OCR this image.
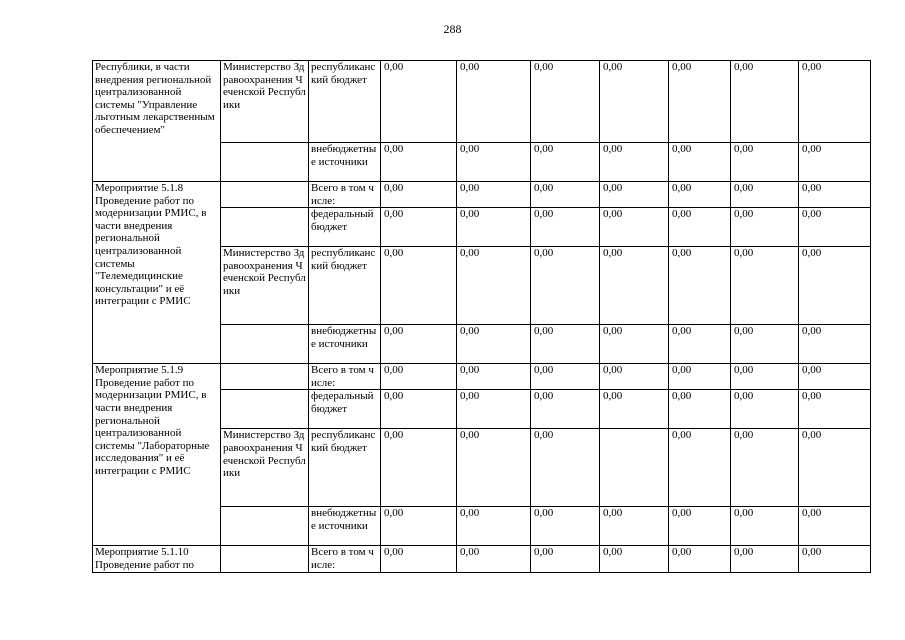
288
Республики, в части внедрения региональной централизованной системы "Управление льготным лекарственным обеспечением"	Министерство Здравоохранения Чеченской Республики	республиканский бюджет	0,00	0,00	0,00	0,00	0,00	0,00	0,00
		внебюджетные источники	0,00	0,00	0,00	0,00	0,00	0,00	0,00
Мероприятие 5.1.8 Проведение работ по модернизации РМИС, в части внедрения региональной централизованной системы "Телемедицинские консультации" и её интеграции с РМИС		Всего в том числе:	0,00	0,00	0,00	0,00	0,00	0,00	0,00
		федеральный бюджет	0,00	0,00	0,00	0,00	0,00	0,00	0,00
	Министерство Здравоохранения Чеченской Республики	республиканский бюджет	0,00	0,00	0,00	0,00	0,00	0,00	0,00
		внебюджетные источники	0,00	0,00	0,00	0,00	0,00	0,00	0,00
Мероприятие 5.1.9 Проведение работ по модернизации РМИС, в части внедрения региональной централизованной системы "Лабораторные исследования" и её интеграции с РМИС		Всего в том числе:	0,00	0,00	0,00	0,00	0,00	0,00	0,00
		федеральный бюджет	0,00	0,00	0,00	0,00	0,00	0,00	0,00
	Министерство Здравоохранения Чеченской Республики	республиканский бюджет	0,00	0,00	0,00		0,00	0,00	0,00
		внебюджетные источники	0,00	0,00	0,00	0,00	0,00	0,00	0,00
Мероприятие 5.1.10 Проведение работ по		Всего в том числе:	0,00	0,00	0,00	0,00	0,00	0,00	0,00
